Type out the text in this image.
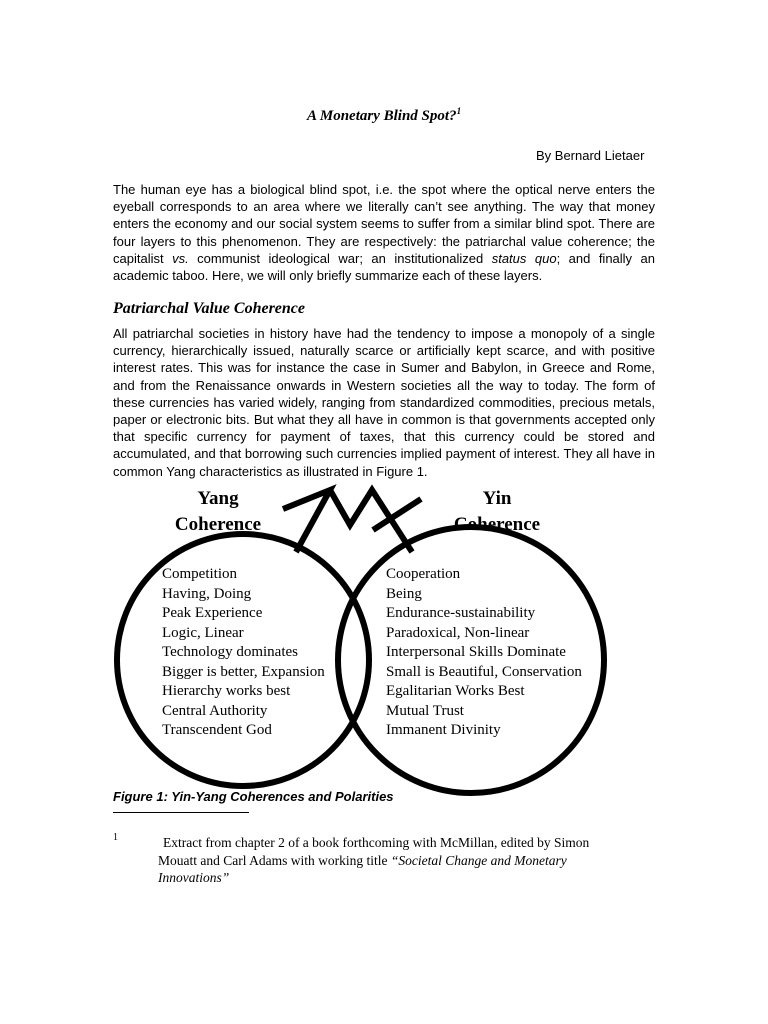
A Monetary Blind Spot?$^1$
By Bernard Lietaer

The human eye has a biological blind spot, i.e. the spot where the optical nerve enters the eyeball corresponds to an area where we literally can’t see anything. The way that money enters the economy and our social system seems to suffer from a similar blind spot. There are four layers to this phenomenon. They are respectively: the patriarchal value coherence; the capitalist vs. communist ideological war; an institutionalized status quo; and finally an academic taboo. Here, we will only briefly summarize each of these layers.

Patriarchal Value Coherence

All patriarchal societies in history have had the tendency to impose a monopoly of a single currency, hierarchically issued, naturally scarce or artificially kept scarce, and with positive interest rates. This was for instance the case in Sumer and Babylon, in Greece and Rome, and from the Renaissance onwards in Western societies all the way to today. The form of these currencies has varied widely, ranging from standardized commodities, precious metals, paper or electronic bits. But what they all have in common is that governments accepted only that specific currency for payment of taxes, that this currency could be stored and accumulated, and that borrowing such currencies implied payment of interest. They all have in common Yang characteristics as illustrated in Figure 1.

Yang
Coherence
Yin
Coherence
Competition
Having, Doing
Peak Experience
Logic, Linear
Technology dominates
Bigger is better, Expansion
Hierarchy works best
Central Authority
Transcendent God
Cooperation
Being
Endurance-sustainability
Paradoxical, Non-linear
Interpersonal Skills Dominate
Small is Beautiful, Conservation
Egalitarian Works Best
Mutual Trust
Immanent Divinity
Figure 1: Yin-Yang Coherences and Polarities
1	Extract from chapter 2 of a book forthcoming with McMillan, edited by Simon
Mouatt and Carl Adams with working title “Societal Change and Monetary
Innovations”
